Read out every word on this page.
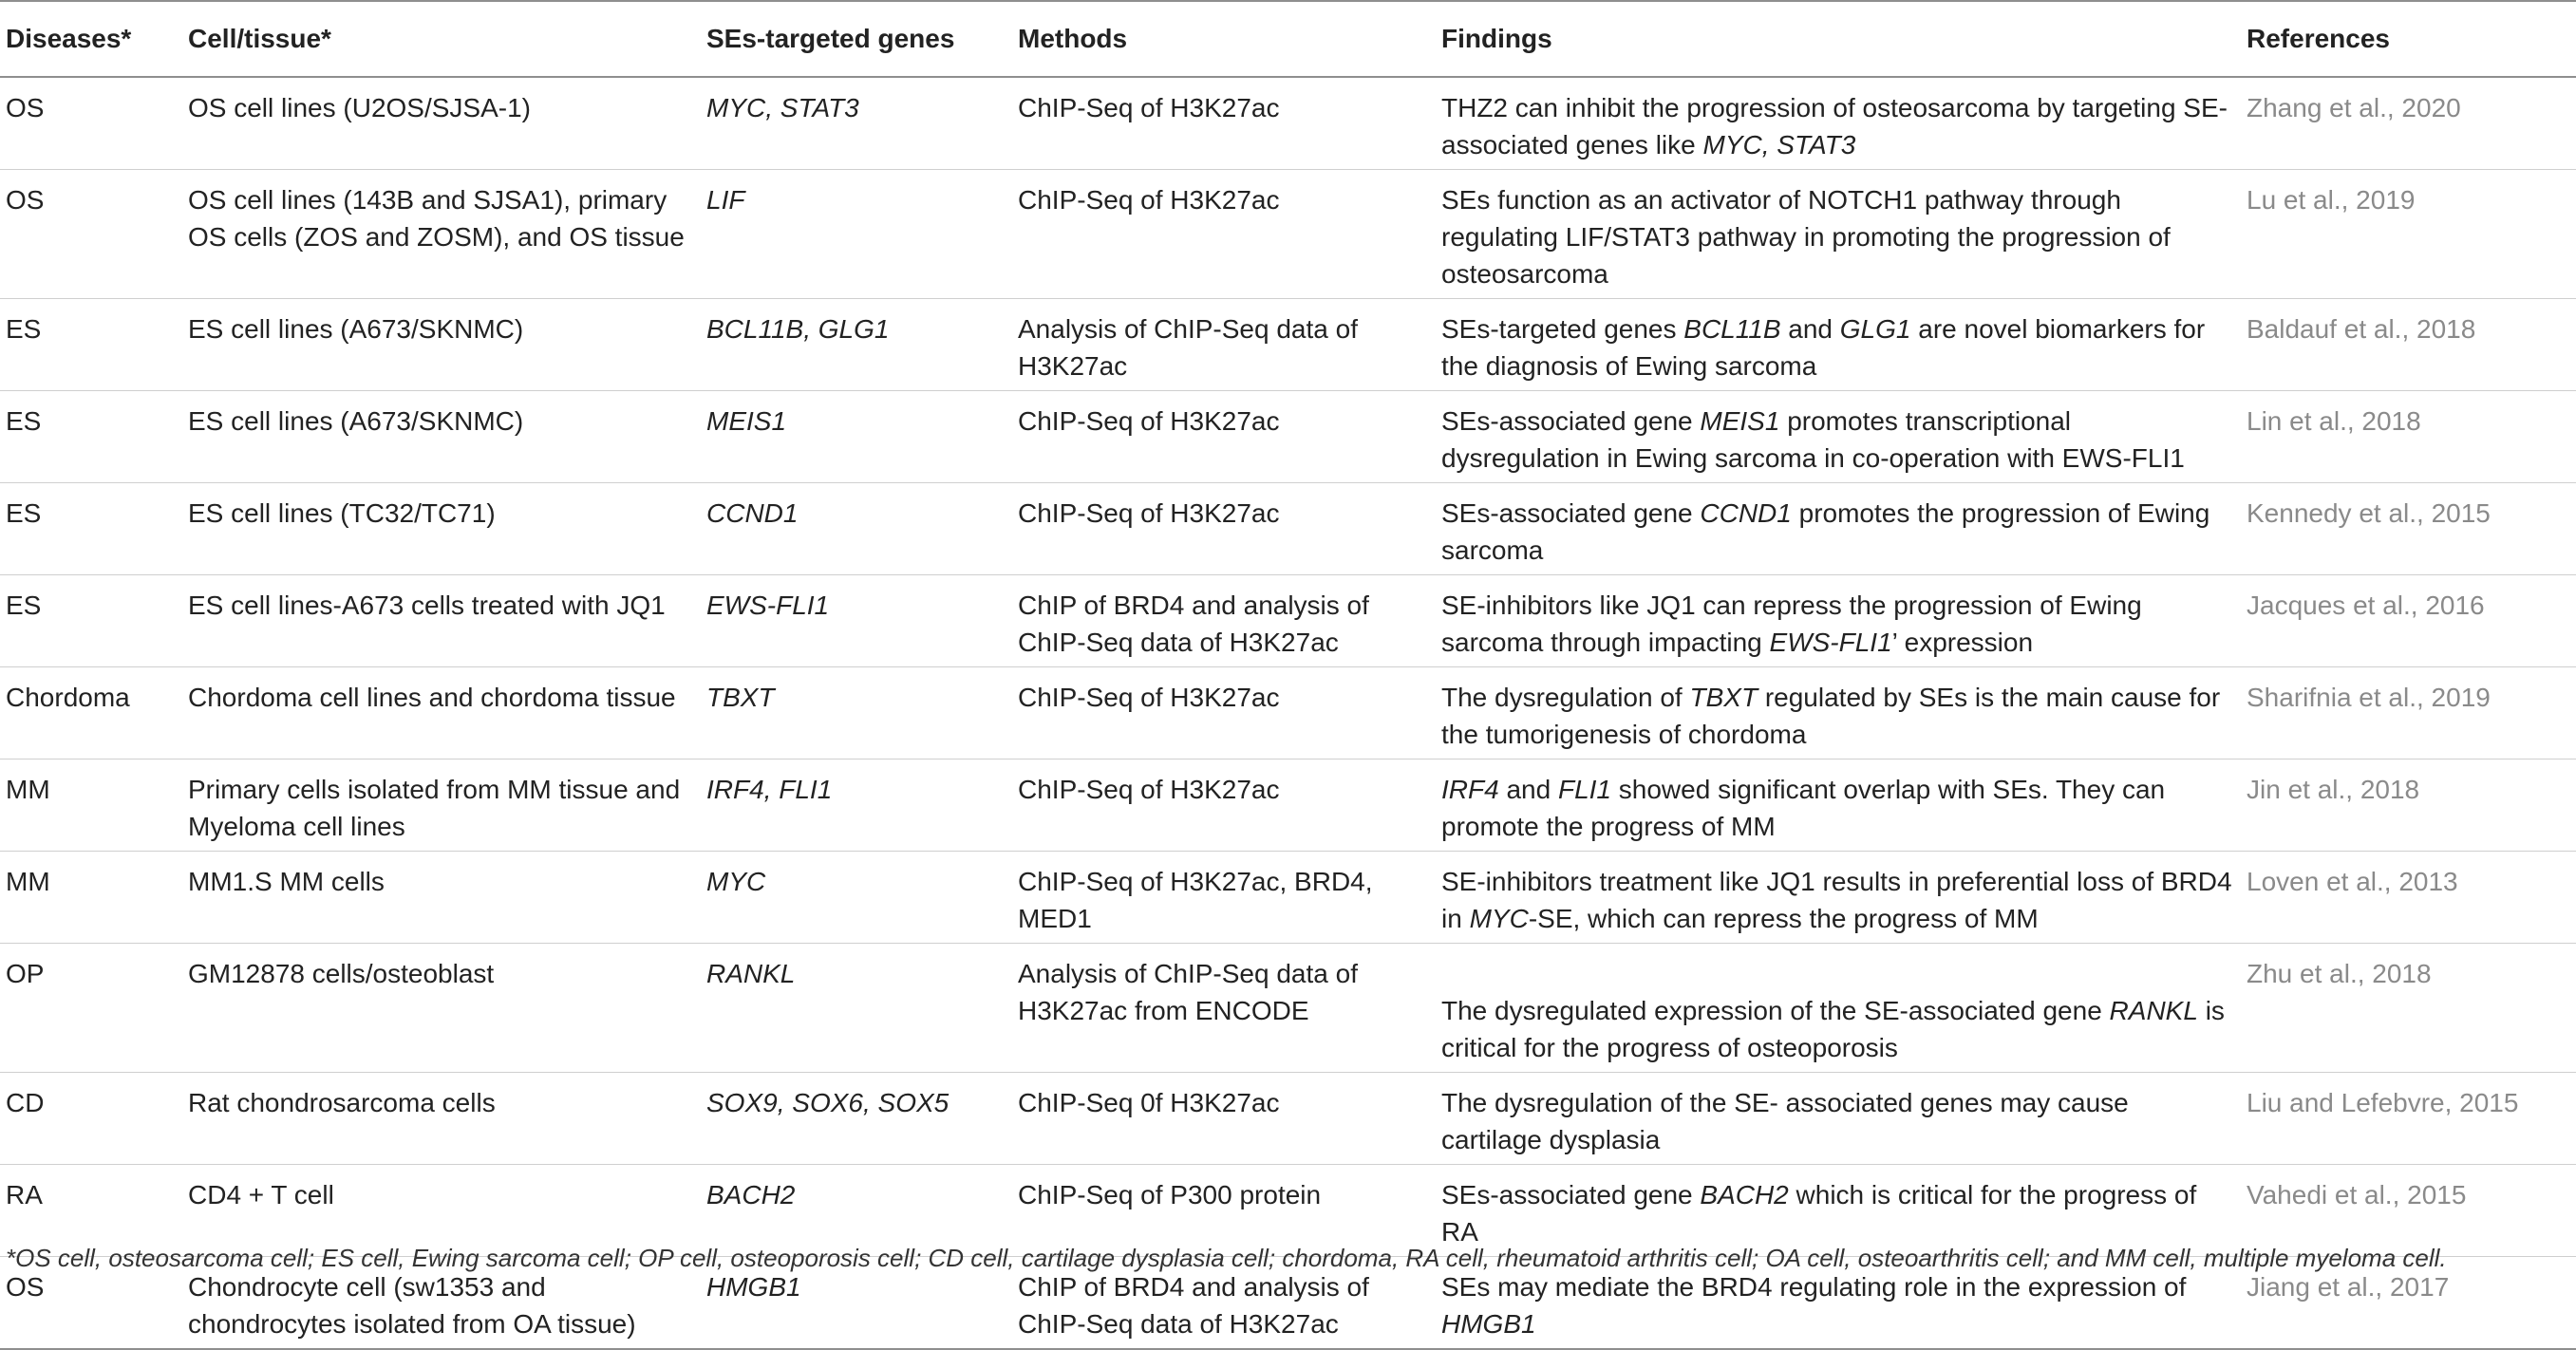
Diseases*	Cell/tissue*	SEs-targeted genes	Methods	Findings	References
OS	OS cell lines (U2OS/SJSA-1)	MYC, STAT3	ChIP-Seq of H3K27ac	THZ2 can inhibit the progression of osteosarcoma by targeting SE-associated genes like MYC, STAT3	Zhang et al., 2020
OS	OS cell lines (143B and SJSA1), primary OS cells (ZOS and ZOSM), and OS tissue	LIF	ChIP-Seq of H3K27ac	SEs function as an activator of NOTCH1 pathway through regulating LIF/STAT3 pathway in promoting the progression of osteosarcoma	Lu et al., 2019
ES	ES cell lines (A673/SKNMC)	BCL11B, GLG1	Analysis of ChIP-Seq data of H3K27ac	SEs-targeted genes BCL11B and GLG1 are novel biomarkers for the diagnosis of Ewing sarcoma	Baldauf et al., 2018
ES	ES cell lines (A673/SKNMC)	MEIS1	ChIP-Seq of H3K27ac	SEs-associated gene MEIS1 promotes transcriptional dysregulation in Ewing sarcoma in co-operation with EWS-FLI1	Lin et al., 2018
ES	ES cell lines (TC32/TC71)	CCND1	ChIP-Seq of H3K27ac	SEs-associated gene CCND1 promotes the progression of Ewing sarcoma	Kennedy et al., 2015
ES	ES cell lines-A673 cells treated with JQ1	EWS-FLI1	ChIP of BRD4 and analysis of ChIP-Seq data of H3K27ac	SE-inhibitors like JQ1 can repress the progression of Ewing sarcoma through impacting EWS-FLI1’ expression	Jacques et al., 2016
Chordoma	Chordoma cell lines and chordoma tissue	TBXT	ChIP-Seq of H3K27ac	The dysregulation of TBXT regulated by SEs is the main cause for the tumorigenesis of chordoma	Sharifnia et al., 2019
MM	Primary cells isolated from MM tissue and Myeloma cell lines	IRF4, FLI1	ChIP-Seq of H3K27ac	IRF4 and FLI1 showed significant overlap with SEs. They can promote the progress of MM	Jin et al., 2018
MM	MM1.S MM cells	MYC	ChIP-Seq of H3K27ac, BRD4, MED1	SE-inhibitors treatment like JQ1 results in preferential loss of BRD4 in MYC-SE, which can repress the progress of MM	Loven et al., 2013
OP	GM12878 cells/osteoblast	RANKL	Analysis of ChIP-Seq data of H3K27ac from ENCODE	The dysregulated expression of the SE-associated gene RANKL is critical for the progress of osteoporosis	Zhu et al., 2018
CD	Rat chondrosarcoma cells	SOX9, SOX6, SOX5	ChIP-Seq 0f H3K27ac	The dysregulation of the SE- associated genes may cause cartilage dysplasia	Liu and Lefebvre, 2015
RA	CD4 + T cell	BACH2	ChIP-Seq of P300 protein	SEs-associated gene BACH2 which is critical for the progress of RA	Vahedi et al., 2015
OS	Chondrocyte cell (sw1353 and chondrocytes isolated from OA tissue)	HMGB1	ChIP of BRD4 and analysis of ChIP-Seq data of H3K27ac	SEs may mediate the BRD4 regulating role in the expression of HMGB1	Jiang et al., 2017
*OS cell, osteosarcoma cell; ES cell, Ewing sarcoma cell; OP cell, osteoporosis cell; CD cell, cartilage dysplasia cell; chordoma, RA cell, rheumatoid arthritis cell; OA cell, osteoarthritis cell; and MM cell, multiple myeloma cell.
